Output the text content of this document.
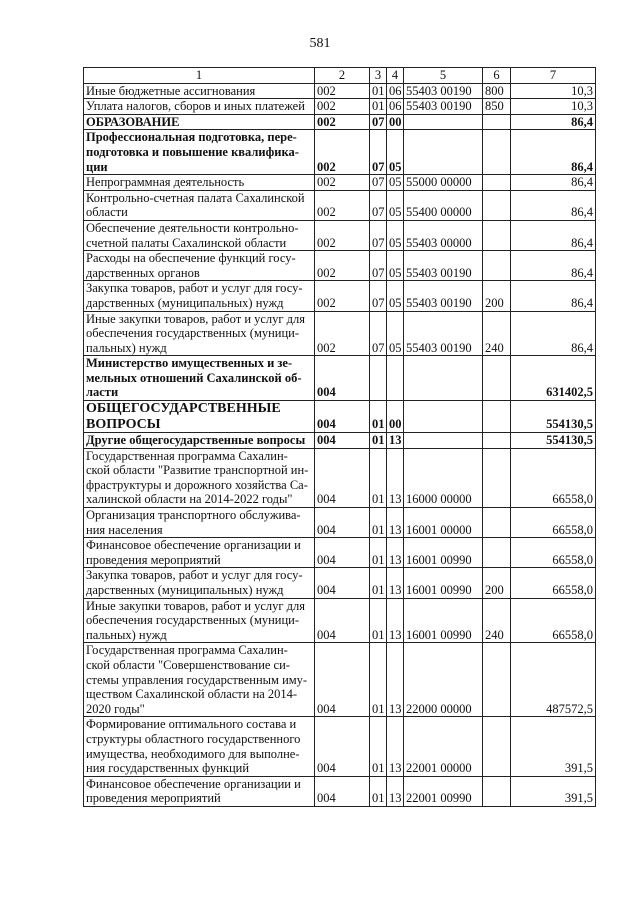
581
1	2	3	4	5	6	7
Иные бюджетные ассигнования	002	01	06	55403 00190	800	10,3
Уплата налогов, сборов и иных платежей	002	01	06	55403 00190	850	10,3
ОБРАЗОВАНИЕ	002	07	00			86,4
Профессиональная подготовка, пере-
подготовка и повышение квалифика-
ции	002	07	05			86,4
Непрограммная деятельность	002	07	05	55000 00000		86,4
Контрольно-счетная палата Сахалинской
области	002	07	05	55400 00000		86,4
Обеспечение деятельности контрольно-
счетной палаты Сахалинской области	002	07	05	55403 00000		86,4
Расходы на обеспечение функций госу-
дарственных органов	002	07	05	55403 00190		86,4
Закупка товаров, работ и услуг для госу-
дарственных (муниципальных) нужд	002	07	05	55403 00190	200	86,4
Иные закупки товаров, работ и услуг для
обеспечения государственных (муници-
пальных) нужд	002	07	05	55403 00190	240	86,4
Министерство имущественных и зе-
мельных отношений Сахалинской об-
ласти	004					631402,5
ОБЩЕГОСУДАРСТВЕННЫЕ
ВОПРОСЫ	004	01	00			554130,5
Другие общегосударственные вопросы	004	01	13			554130,5
Государственная программа Сахалин-
ской области "Развитие транспортной ин-
фраструктуры и дорожного хозяйства Са-
халинской области на 2014-2022 годы"	004	01	13	16000 00000		66558,0
Организация транспортного обслужива-
ния населения	004	01	13	16001 00000		66558,0
Финансовое обеспечение организации и
проведения мероприятий	004	01	13	16001 00990		66558,0
Закупка товаров, работ и услуг для госу-
дарственных (муниципальных) нужд	004	01	13	16001 00990	200	66558,0
Иные закупки товаров, работ и услуг для
обеспечения государственных (муници-
пальных) нужд	004	01	13	16001 00990	240	66558,0
Государственная программа Сахалин-
ской области "Совершенствование си-
стемы управления государственным иму-
ществом Сахалинской области на 2014-
2020 годы"	004	01	13	22000 00000		487572,5
Формирование оптимального состава и
структуры областного государственного
имущества, необходимого для выполне-
ния государственных функций	004	01	13	22001 00000		391,5
Финансовое обеспечение организации и
проведения мероприятий	004	01	13	22001 00990		391,5
